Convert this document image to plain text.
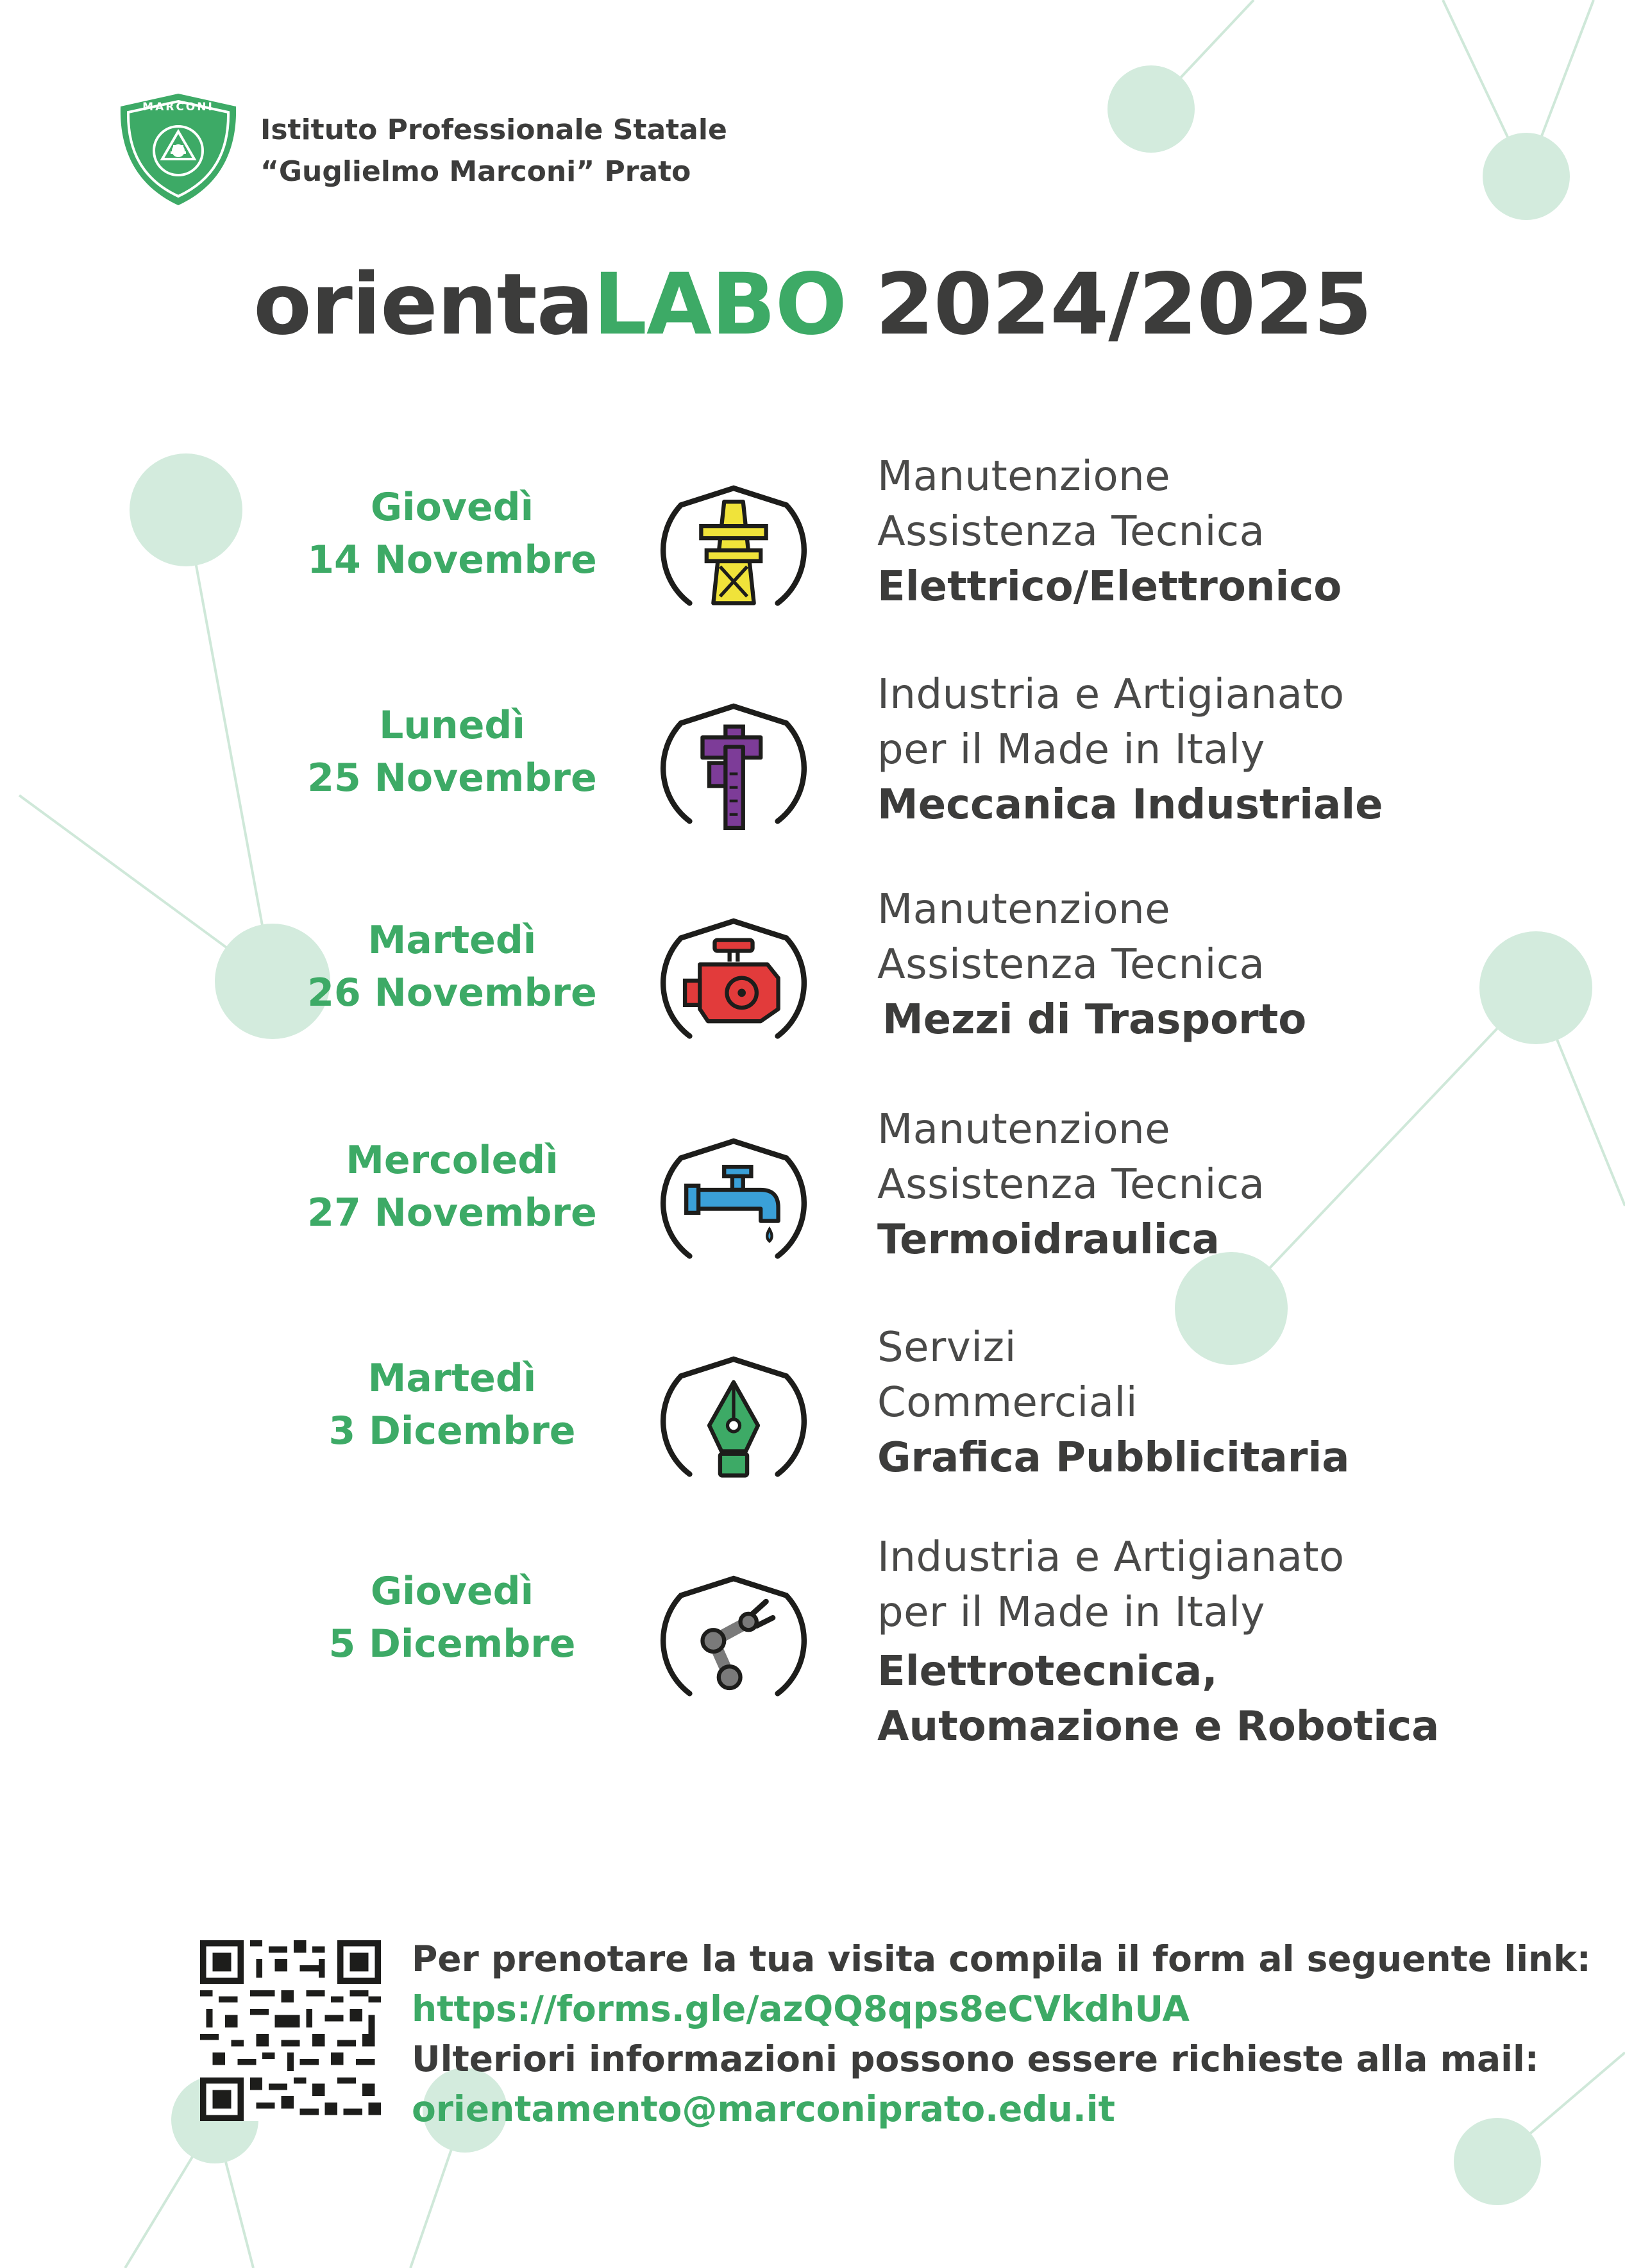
MARCONI
Istituto Professionale Statale
“Guglielmo Marconi” Prato
orientaLABO 2024/2025
Giovedì
14 Novembre
Manutenzione
Assistenza Tecnica
Elettrico/Elettronico
Lunedì
25 Novembre
Industria e Artigianato
per il Made in Italy
Meccanica Industriale
Martedì
26 Novembre
Manutenzione
Assistenza Tecnica
Mezzi di Trasporto
Mercoledì
27 Novembre
Manutenzione
Assistenza Tecnica
Termoidraulica
Martedì
3 Dicembre
Servizi
Commerciali
Grafica Pubblicitaria
Giovedì
5 Dicembre
Industria e Artigianato
per il Made in Italy
Elettrotecnica,
Automazione e Robotica
Per prenotare la tua visita compila il form al seguente link:
https://forms.gle/azQQ8qps8eCVkdhUA
Ulteriori informazioni possono essere richieste alla mail:
orientamento@marconiprato.edu.it
